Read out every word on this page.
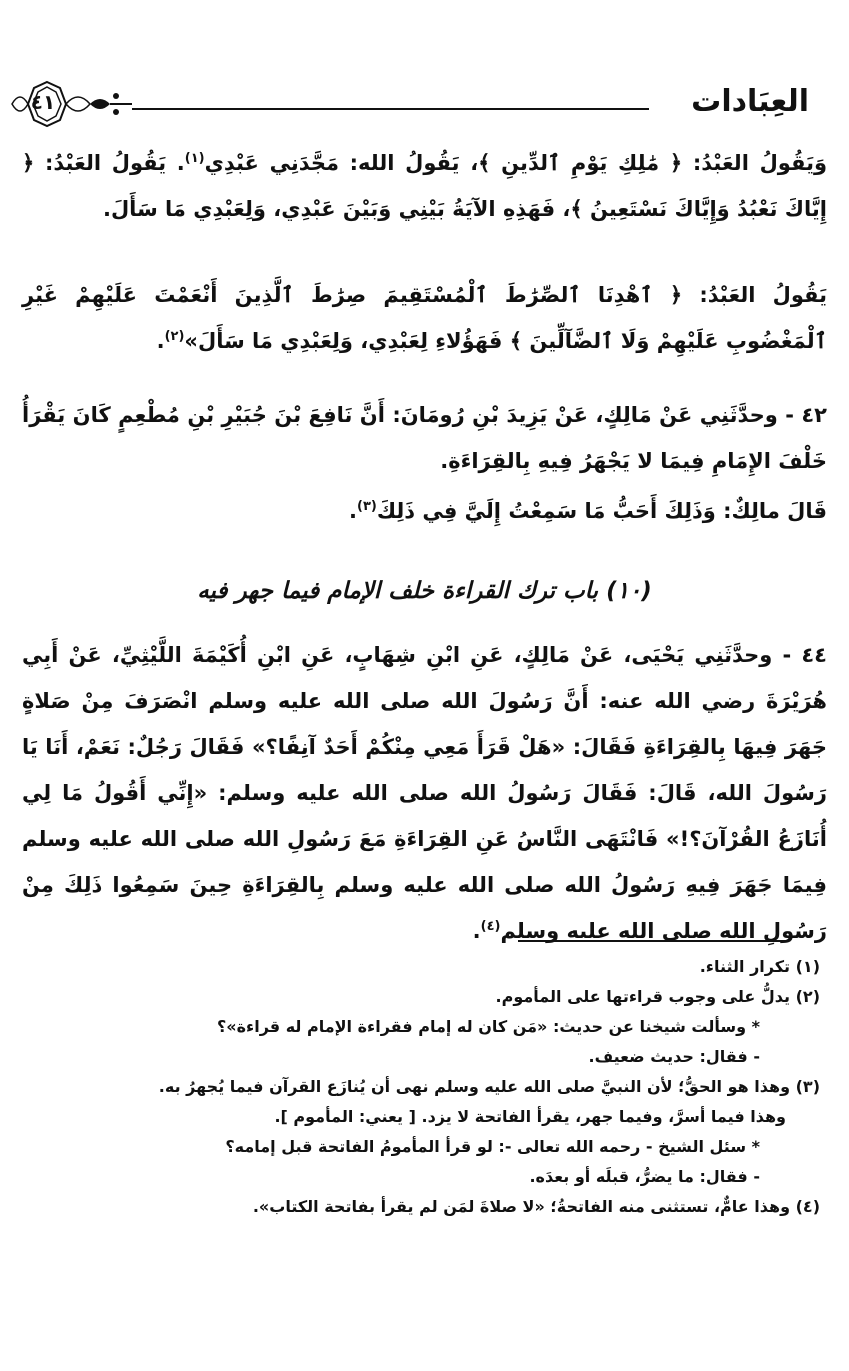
العِبَادات
٤١
وَيَقُولُ العَبْدُ: ﴿ مَٰلِكِ يَوْمِ ٱلدِّينِ ﴾، يَقُولُ الله: مَجَّدَنِي عَبْدِي$^{(١)}$. يَقُولُ العَبْدُ: ﴿ إِيَّاكَ نَعْبُدُ وَإِيَّاكَ نَسْتَعِينُ ﴾، فَهَذِهِ الآيَةُ بَيْنِي وَبَيْنَ عَبْدِي، وَلِعَبْدِي مَا سَأَلَ.
يَقُولُ العَبْدُ: ﴿ ٱهْدِنَا ٱلصِّرَٰطَ ٱلْمُسْتَقِيمَ صِرَٰطَ ٱلَّذِينَ أَنْعَمْتَ عَلَيْهِمْ غَيْرِ ٱلْمَغْضُوبِ عَلَيْهِمْ وَلَا ٱلضَّآلِّينَ ﴾ فَهَؤُلاءِ لِعَبْدِي، وَلِعَبْدِي مَا سَأَلَ»$^{(٢)}$.
٤٢ - وحدَّثَنِي عَنْ مَالِكٍ، عَنْ يَزِيدَ بْنِ رُومَانَ: أَنَّ نَافِعَ بْنَ جُبَيْرِ بْنِ مُطْعِمٍ كَانَ يَقْرَأُ خَلْفَ الإِمَامِ فِيمَا لا يَجْهَرُ فِيهِ بِالقِرَاءَةِ.
قَالَ مالِكٌ: وَذَلِكَ أَحَبُّ مَا سَمِعْتُ إِلَيَّ فِي ذَلِكَ$^{(٣)}$.
(١٠) باب ترك القراءة خلف الإمام فيما جهر فيه
٤٤ - وحدَّثَنِي يَحْيَى، عَنْ مَالِكٍ، عَنِ ابْنِ شِهَابٍ، عَنِ ابْنِ أُكَيْمَةَ اللَّيْثِيِّ، عَنْ أَبِي هُرَيْرَةَ رضي الله عنه: أَنَّ رَسُولَ الله صلى الله عليه وسلم انْصَرَفَ مِنْ صَلاةٍ جَهَرَ فِيهَا بِالقِرَاءَةِ فَقَالَ: «هَلْ قَرَأَ مَعِي مِنْكُمْ أَحَدٌ آنِفًا؟» فَقَالَ رَجُلٌ: نَعَمْ، أَنَا يَا رَسُولَ الله، قَالَ: فَقَالَ رَسُولُ الله صلى الله عليه وسلم: «إِنِّي أَقُولُ مَا لِي أُنَازَعُ القُرْآنَ؟!» فَانْتَهَى النَّاسُ عَنِ القِرَاءَةِ مَعَ رَسُولِ الله صلى الله عليه وسلم فِيمَا جَهَرَ فِيهِ رَسُولُ الله صلى الله عليه وسلم بِالقِرَاءَةِ حِينَ سَمِعُوا ذَلِكَ مِنْ رَسُولِ الله صلى الله عليه وسلم$^{(٤)}$.
(١) تكرار الثناء.
(٢) يدلُّ على وجوب قراءتها على المأموم.
* وسألت شيخنا عن حديث: «مَن كان له إمام فقراءة الإمام له قراءة»؟
- فقال: حديث ضعيف.
(٣) وهذا هو الحقُّ؛ لأن النبيَّ صلى الله عليه وسلم نهى أن يُنازَع القرآن فيما يُجهرُ به.
وهذا فيما أسرَّ، وفيما جهر، يقرأ الفاتحة لا يزد. [ يعني: المأموم ].
* سئل الشيخ - رحمه الله تعالى -: لو قرأ المأمومُ الفاتحة قبل إمامه؟
- فقال: ما يضرُّ، قبلَه أو بعدَه.
(٤) وهذا عامٌّ، تستثنى منه الفاتحةُ؛ «لا صلاةَ لمَن لم يقرأ بفاتحة الكتاب».
